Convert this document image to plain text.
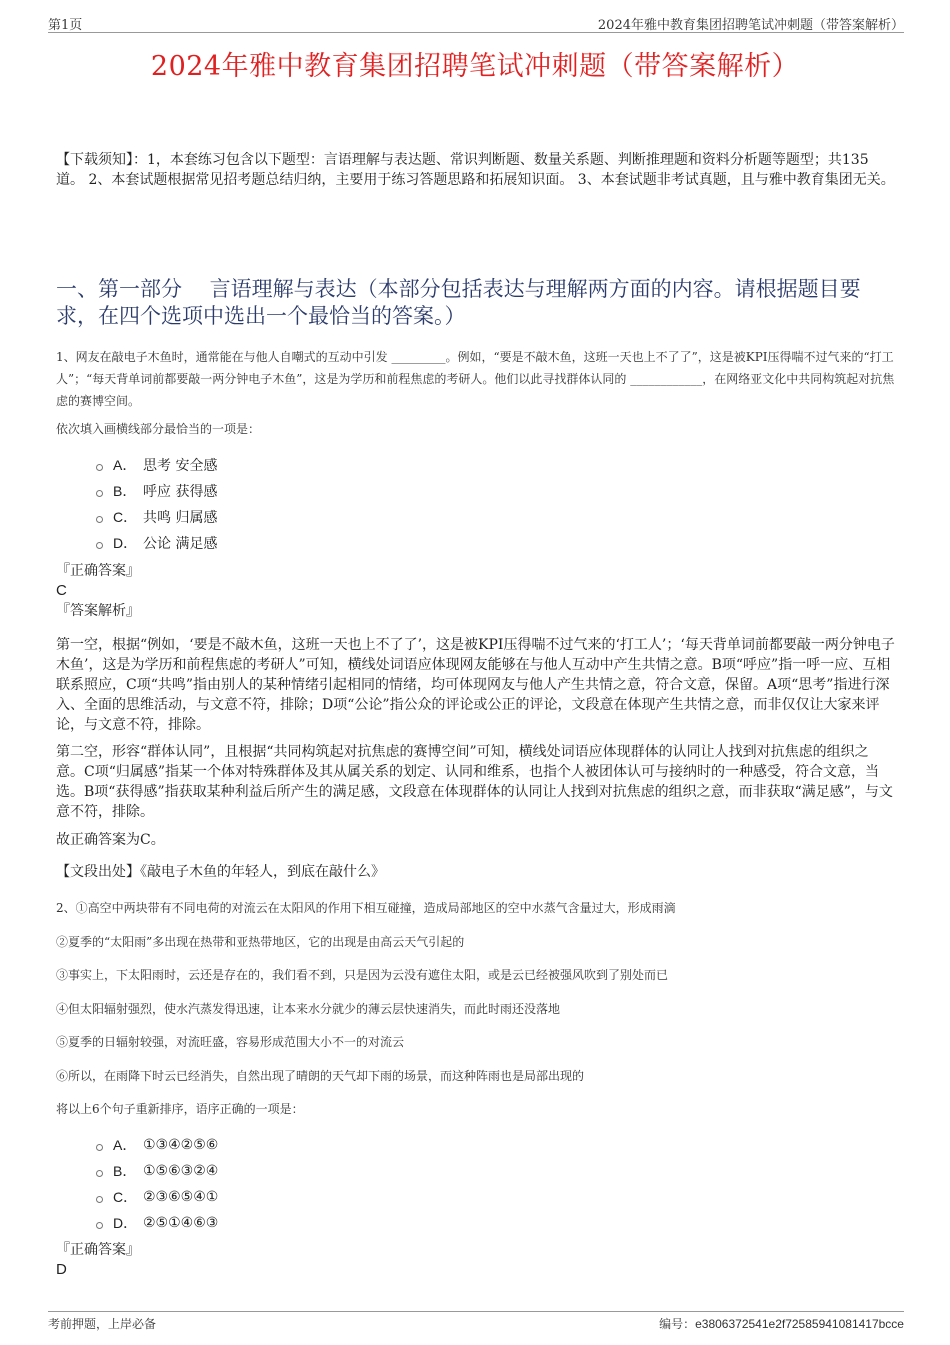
第1页	2024年雅中教育集团招聘笔试冲刺题（带答案解析）
2024年雅中教育集团招聘笔试冲刺题（带答案解析）
【下载须知】：1，本套练习包含以下题型：言语理解与表达题、常识判断题、数量关系题、判断推理题和资料分析题等题型；共135道。 2、本套试题根据常见招考题总结归纳，主要用于练习答题思路和拓展知识面。 3、本套试题非考试真题，且与雅中教育集团无关。
一、第一部分　 言语理解与表达（本部分包括表达与理解两方面的内容。请根据题目要求，在四个选项中选出一个最恰当的答案。）
1、网友在敲电子木鱼时，通常能在与他人自嘲式的互动中引发 _________。例如，“要是不敲木鱼，这班一天也上不了了”，这是被KPI压得喘不过气来的“打工人”；“每天背单词前都要敲一两分钟电子木鱼”，这是为学历和前程焦虑的考研人。他们以此寻找群体认同的 ____________，在网络亚文化中共同构筑起对抗焦虑的赛博空间。
依次填入画横线部分最恰当的一项是：
A． 思考 安全感
B． 呼应 获得感
C． 共鸣 归属感
D． 公论 满足感
『正确答案』
C
『答案解析』
第一空，根据“例如，‘要是不敲木鱼，这班一天也上不了了’，这是被KPI压得喘不过气来的‘打工人’；‘每天背单词前都要敲一两分钟电子木鱼’，这是为学历和前程焦虑的考研人”可知，横线处词语应体现网友能够在与他人互动中产生共情之意。B项“呼应”指一呼一应、互相联系照应，C项“共鸣”指由别人的某种情绪引起相同的情绪，均可体现网友与他人产生共情之意，符合文意，保留。A项“思考”指进行深入、全面的思维活动，与文意不符，排除；D项“公论”指公众的评论或公正的评论，文段意在体现产生共情之意，而非仅仅让大家来评论，与文意不符，排除。
第二空，形容“群体认同”，且根据“共同构筑起对抗焦虑的赛博空间”可知，横线处词语应体现群体的认同让人找到对抗焦虑的组织之意。C项“归属感”指某一个体对特殊群体及其从属关系的划定、认同和维系，也指个人被团体认可与接纳时的一种感受，符合文意，当选。B项“获得感”指获取某种利益后所产生的满足感，文段意在体现群体的认同让人找到对抗焦虑的组织之意，而非获取“满足感”，与文意不符，排除。
故正确答案为C。
【文段出处】《敲电子木鱼的年轻人，到底在敲什么》
2、①高空中两块带有不同电荷的对流云在太阳风的作用下相互碰撞，造成局部地区的空中水蒸气含量过大，形成雨滴
②夏季的“太阳雨”多出现在热带和亚热带地区，它的出现是由高云天气引起的
③事实上，下太阳雨时，云还是存在的，我们看不到，只是因为云没有遮住太阳，或是云已经被强风吹到了别处而已
④但太阳辐射强烈，使水汽蒸发得迅速，让本来水分就少的薄云层快速消失，而此时雨还没落地
⑤夏季的日辐射较强，对流旺盛，容易形成范围大小不一的对流云
⑥所以，在雨降下时云已经消失，自然出现了晴朗的天气却下雨的场景，而这种阵雨也是局部出现的
将以上6个句子重新排序，语序正确的一项是：
A． ①③④②⑤⑥
B． ①⑤⑥③②④
C． ②③⑥⑤④①
D． ②⑤①④⑥③
『正确答案』
D
考前押题，上岸必备	编号：e3806372541e2f72585941081417bcce
